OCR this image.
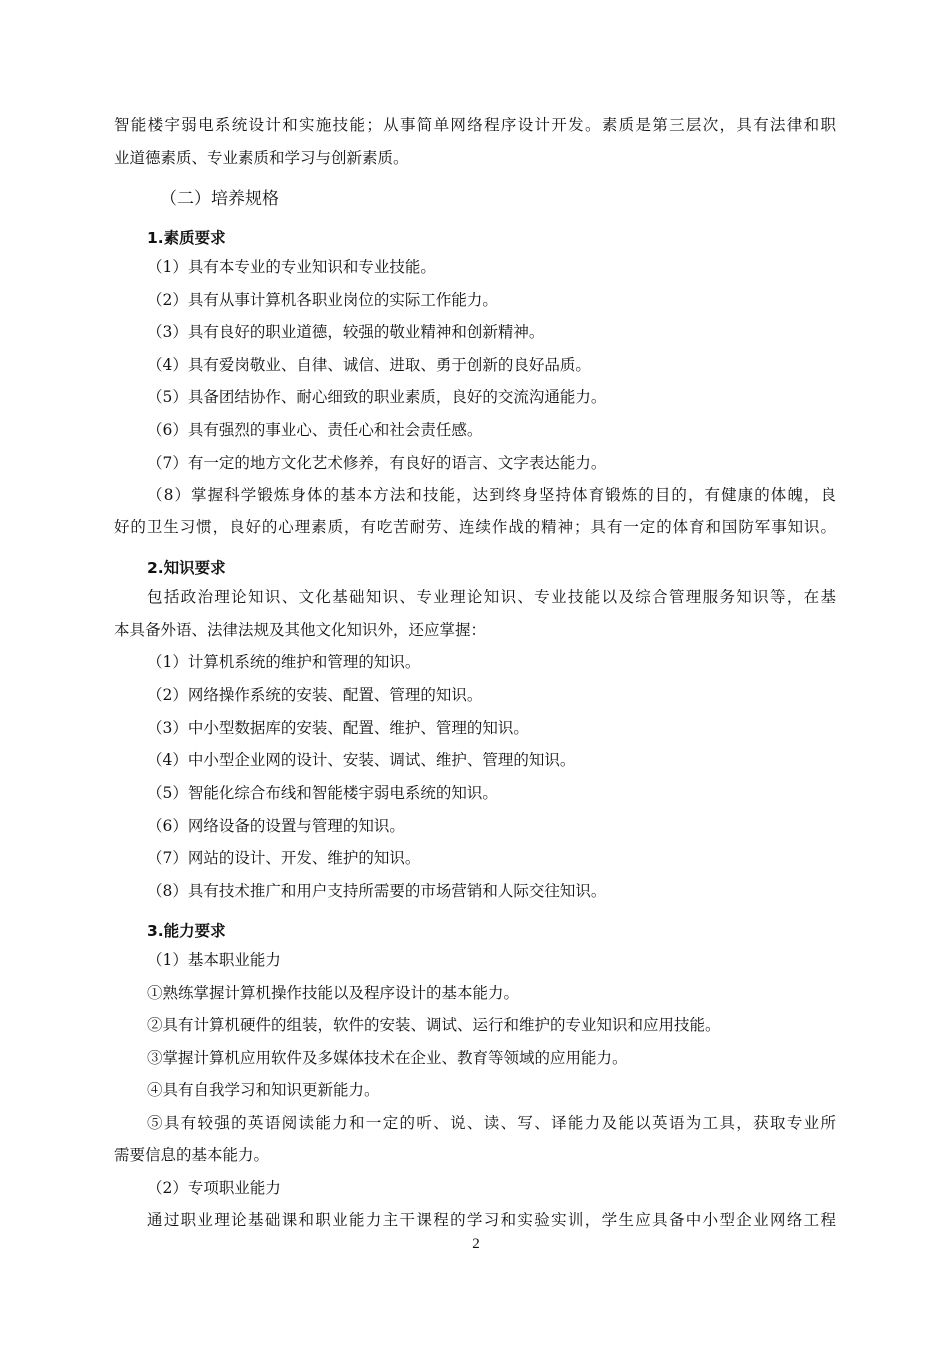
智能楼宇弱电系统设计和实施技能；从事简单网络程序设计开发。素质是第三层次，具有法律和职
业道德素质、专业素质和学习与创新素质。
（二）培养规格
1.素质要求
（1）具有本专业的专业知识和专业技能。
（2）具有从事计算机各职业岗位的实际工作能力。
（3）具有良好的职业道德，较强的敬业精神和创新精神。
（4）具有爱岗敬业、自律、诚信、进取、勇于创新的良好品质。
（5）具备团结协作、耐心细致的职业素质，良好的交流沟通能力。
（6）具有强烈的事业心、责任心和社会责任感。
（7）有一定的地方文化艺术修养，有良好的语言、文字表达能力。
（8）掌握科学锻炼身体的基本方法和技能，达到终身坚持体育锻炼的目的，有健康的体魄，良
好的卫生习惯，良好的心理素质，有吃苦耐劳、连续作战的精神；具有一定的体育和国防军事知识。
2.知识要求
包括政治理论知识、文化基础知识、专业理论知识、专业技能以及综合管理服务知识等，在基
本具备外语、法律法规及其他文化知识外，还应掌握：
（1）计算机系统的维护和管理的知识。
（2）网络操作系统的安装、配置、管理的知识。
（3）中小型数据库的安装、配置、维护、管理的知识。
（4）中小型企业网的设计、安装、调试、维护、管理的知识。
（5）智能化综合布线和智能楼宇弱电系统的知识。
（6）网络设备的设置与管理的知识。
（7）网站的设计、开发、维护的知识。
（8）具有技术推广和用户支持所需要的市场营销和人际交往知识。
3.能力要求
（1）基本职业能力
①熟练掌握计算机操作技能以及程序设计的基本能力。
②具有计算机硬件的组装，软件的安装、调试、运行和维护的专业知识和应用技能。
③掌握计算机应用软件及多媒体技术在企业、教育等领域的应用能力。
④具有自我学习和知识更新能力。
⑤具有较强的英语阅读能力和一定的听、说、读、写、译能力及能以英语为工具，获取专业所
需要信息的基本能力。
（2）专项职业能力
通过职业理论基础课和职业能力主干课程的学习和实验实训，学生应具备中小型企业网络工程
2
